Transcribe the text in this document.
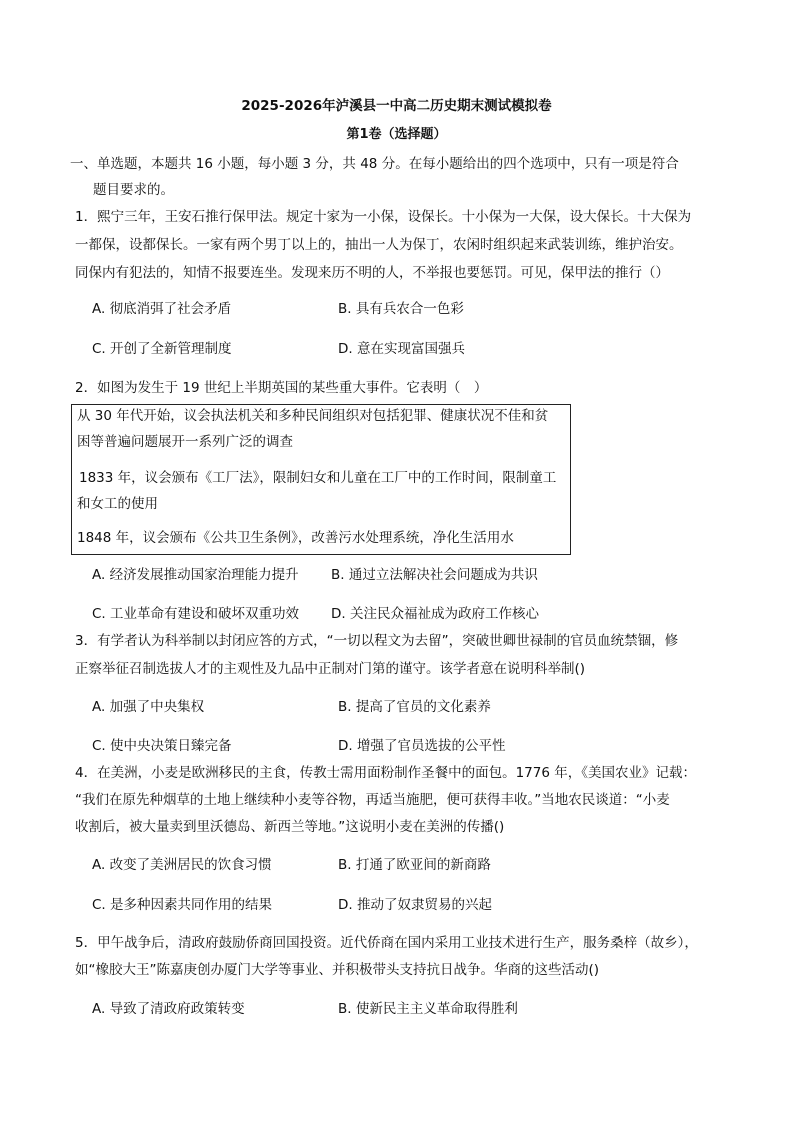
2025-2026年泸溪县一中高二历史期末测试模拟卷
第1卷（选择题）
一、单选题，本题共 16 小题，每小题 3 分，共 48 分。在每小题给出的四个选项中，只有一项是符合
题目要求的。
1．熙宁三年，王安石推行保甲法。规定十家为一小保，设保长。十小保为一大保，设大保长。十大保为
一都保，设都保长。一家有两个男丁以上的，抽出一人为保丁，农闲时组织起来武装训练，维护治安。
同保内有犯法的，知情不报要连坐。发现来历不明的人，不举报也要惩罚。可见，保甲法的推行（）
A. 彻底消弭了社会矛盾	B. 具有兵农合一色彩
C. 开创了全新管理制度	D. 意在实现富国强兵
2．如图为发生于 19 世纪上半期英国的某些重大事件。它表明（　）
从 30 年代开始，议会执法机关和多种民间组织对包括犯罪、健康状况不佳和贫
困等普遍问题展开一系列广泛的调查
1833 年，议会颁布《工厂法》，限制妇女和儿童在工厂中的工作时间，限制童工
和女工的使用
1848 年，议会颁布《公共卫生条例》，改善污水处理系统，净化生活用水
A. 经济发展推动国家治理能力提升 B. 通过立法解决社会问题成为共识
C. 工业革命有建设和破坏双重功效 D. 关注民众福祉成为政府工作核心
3．有学者认为科举制以封闭应答的方式，“一切以程文为去留”，突破世卿世禄制的官员血统禁锢，修
正察举征召制选拔人才的主观性及九品中正制对门第的谨守。该学者意在说明科举制()
A. 加强了中央集权	B. 提高了官员的文化素养
C. 使中央决策日臻完备	D. 增强了官员选拔的公平性
4．在美洲，小麦是欧洲移民的主食，传教士需用面粉制作圣餐中的面包。1776 年，《美国农业》记载：
“我们在原先种烟草的土地上继续种小麦等谷物，再适当施肥，便可获得丰收。”当地农民谈道：“小麦
收割后，被大量卖到里沃德岛、新西兰等地。”这说明小麦在美洲的传播()
A. 改变了美洲居民的饮食习惯	B. 打通了欧亚间的新商路
C. 是多种因素共同作用的结果	D. 推动了奴隶贸易的兴起
5．甲午战争后，清政府鼓励侨商回国投资。近代侨商在国内采用工业技术进行生产，服务桑梓（故乡），
如“橡胶大王”陈嘉庚创办厦门大学等事业、并积极带头支持抗日战争。华商的这些活动()
A. 导致了清政府政策转变	B. 使新民主主义革命取得胜利
